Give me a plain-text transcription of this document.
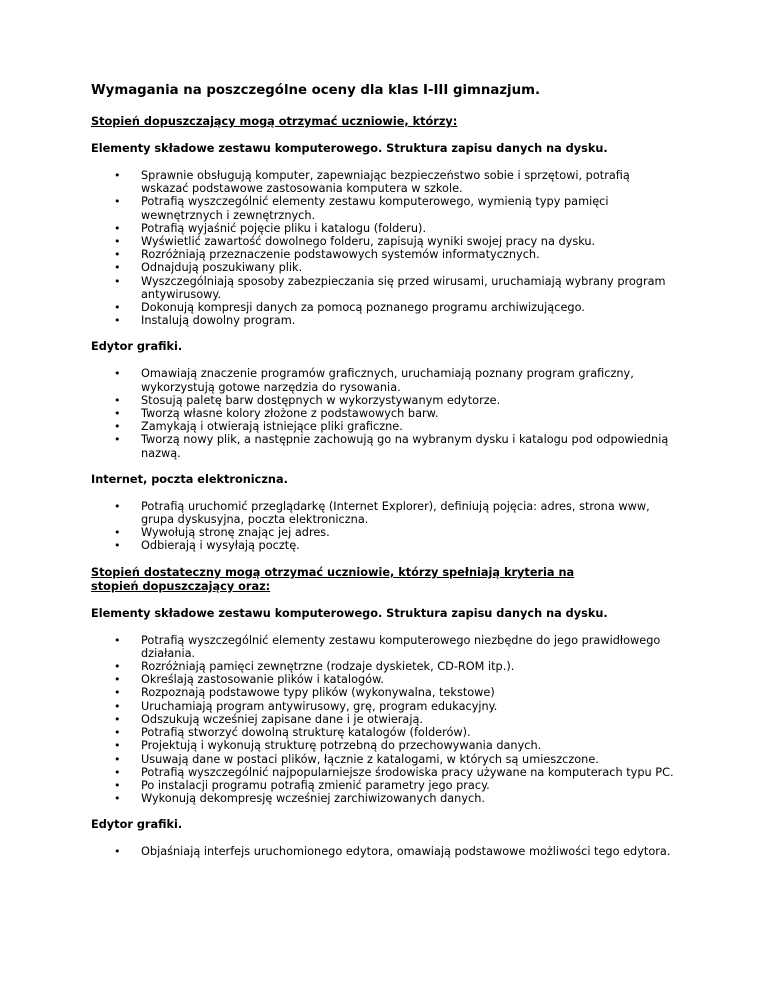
Wymagania na poszczególne oceny dla klas I-III gimnazjum.

Stopień dopuszczający mogą otrzymać uczniowie, którzy:

Elementy składowe zestawu komputerowego. Struktura zapisu danych na dysku.

• Sprawnie obsługują komputer, zapewniając bezpieczeństwo sobie i sprzętowi, potrafią wskazać podstawowe zastosowania komputera w szkole.
• Potrafią wyszczególnić elementy zestawu komputerowego, wymienią typy pamięci wewnętrznych i zewnętrznych.
• Potrafią wyjaśnić pojęcie pliku i katalogu (folderu).
• Wyświetlić zawartość dowolnego folderu, zapisują wyniki swojej pracy na dysku.
• Rozróżniają przeznaczenie podstawowych systemów informatycznych.
• Odnajdują poszukiwany plik.
• Wyszczególniają sposoby zabezpieczania się przed wirusami, uruchamiają wybrany program antywirusowy.
• Dokonują kompresji danych za pomocą poznanego programu archiwizującego.
• Instalują dowolny program.

Edytor grafiki.

• Omawiają znaczenie programów graficznych, uruchamiają poznany program graficzny, wykorzystują gotowe narzędzia do rysowania.
• Stosują paletę barw dostępnych w wykorzystywanym edytorze.
• Tworzą własne kolory złożone z podstawowych barw.
• Zamykają i otwierają istniejące pliki graficzne.
• Tworzą nowy plik, a następnie zachowują go na wybranym dysku i katalogu pod odpowiednią nazwą.

Internet, poczta elektroniczna.

• Potrafią uruchomić przeglądarkę (Internet Explorer), definiują pojęcia: adres, strona www, grupa dyskusyjna, poczta elektroniczna.
• Wywołują stronę znając jej adres.
• Odbierają i wysyłają pocztę.

Stopień dostateczny mogą otrzymać uczniowie, którzy spełniają kryteria na stopień dopuszczający oraz:

Elementy składowe zestawu komputerowego. Struktura zapisu danych na dysku.

• Potrafią wyszczególnić elementy zestawu komputerowego niezbędne do jego prawidłowego działania.
• Rozróżniają pamięci zewnętrzne (rodzaje dyskietek, CD-ROM itp.).
• Określają zastosowanie plików i katalogów.
• Rozpoznają podstawowe typy plików (wykonywalna, tekstowe)
• Uruchamiają program antywirusowy, grę, program edukacyjny.
• Odszukują wcześniej zapisane dane i je otwierają.
• Potrafią stworzyć dowolną strukturę katalogów (folderów).
• Projektują i wykonują strukturę potrzebną do przechowywania danych.
• Usuwają dane w postaci plików, łącznie z katalogami, w których są umieszczone.
• Potrafią wyszczególnić najpopularniejsze środowiska pracy używane na komputerach typu PC.
• Po instalacji programu potrafią zmienić parametry jego pracy.
• Wykonują dekompresję wcześniej zarchiwizowanych danych.

Edytor grafiki.

• Objaśniają interfejs uruchomionego edytora, omawiają podstawowe możliwości tego edytora.
